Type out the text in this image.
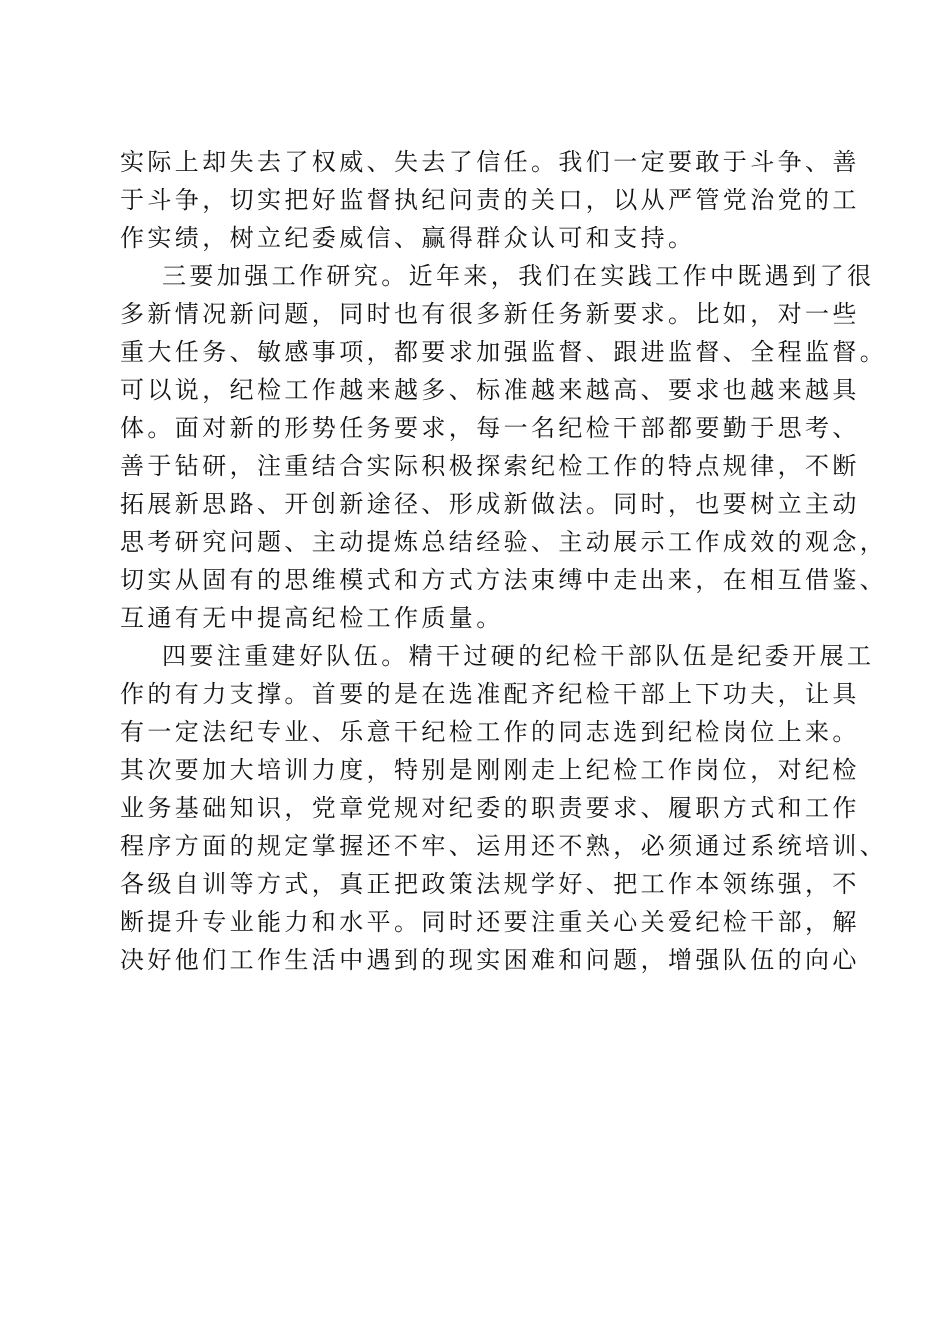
实际上却失去了权威、失去了信任。我们一定要敢于斗争、善
于斗争，切实把好监督执纪问责的关口，以从严管党治党的工
作实绩，树立纪委威信、赢得群众认可和支持。
三要加强工作研究。近年来，我们在实践工作中既遇到了很
多新情况新问题，同时也有很多新任务新要求。比如，对一些
重大任务、敏感事项，都要求加强监督、跟进监督、全程监督。
可以说，纪检工作越来越多、标准越来越高、要求也越来越具
体。面对新的形势任务要求，每一名纪检干部都要勤于思考、
善于钻研，注重结合实际积极探索纪检工作的特点规律，不断
拓展新思路、开创新途径、形成新做法。同时，也要树立主动
思考研究问题、主动提炼总结经验、主动展示工作成效的观念，
切实从固有的思维模式和方式方法束缚中走出来，在相互借鉴、
互通有无中提高纪检工作质量。
四要注重建好队伍。精干过硬的纪检干部队伍是纪委开展工
作的有力支撑。首要的是在选准配齐纪检干部上下功夫，让具
有一定法纪专业、乐意干纪检工作的同志选到纪检岗位上来。
其次要加大培训力度，特别是刚刚走上纪检工作岗位，对纪检
业务基础知识，党章党规对纪委的职责要求、履职方式和工作
程序方面的规定掌握还不牢、运用还不熟，必须通过系统培训、
各级自训等方式，真正把政策法规学好、把工作本领练强，不
断提升专业能力和水平。同时还要注重关心关爱纪检干部，解
决好他们工作生活中遇到的现实困难和问题，增强队伍的向心
